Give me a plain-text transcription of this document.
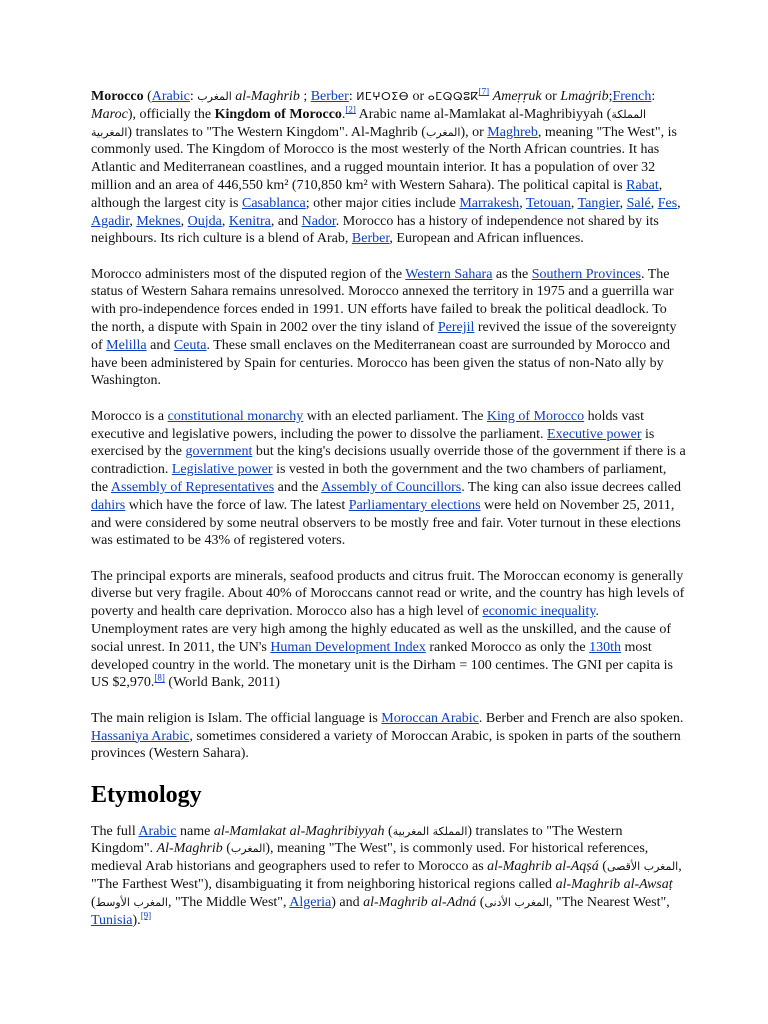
Morocco (Arabic: المغرب al-Maghrib ; Berber: ⵍⵎⵖⵔⵉⴱ or ⴰⵎⵕⵕⵓⴽ[7] Ameṛṛuk or Lmaġrib;French: Maroc), officially the Kingdom of Morocco.[2] Arabic name al-Mamlakat al-Maghribiyyah (المملكة المغربية) translates to "The Western Kingdom". Al-Maghrib (المغرب), or Maghreb, meaning "The West", is commonly used. The Kingdom of Morocco is the most westerly of the North African countries. It has Atlantic and Mediterranean coastlines, and a rugged mountain interior. It has a population of over 32 million and an area of 446,550 km² (710,850 km² with Western Sahara). The political capital is Rabat, although the largest city is Casablanca; other major cities include Marrakesh, Tetouan, Tangier, Salé, Fes, Agadir, Meknes, Oujda, Kenitra, and Nador. Morocco has a history of independence not shared by its neighbours. Its rich culture is a blend of Arab, Berber, European and African influences.

Morocco administers most of the disputed region of the Western Sahara as the Southern Provinces. The status of Western Sahara remains unresolved. Morocco annexed the territory in 1975 and a guerrilla war with pro-independence forces ended in 1991. UN efforts have failed to break the political deadlock. To the north, a dispute with Spain in 2002 over the tiny island of Perejil revived the issue of the sovereignty of Melilla and Ceuta. These small enclaves on the Mediterranean coast are surrounded by Morocco and have been administered by Spain for centuries. Morocco has been given the status of non-Nato ally by Washington.

Morocco is a constitutional monarchy with an elected parliament. The King of Morocco holds vast executive and legislative powers, including the power to dissolve the parliament. Executive power is exercised by the government but the king's decisions usually override those of the government if there is a contradiction. Legislative power is vested in both the government and the two chambers of parliament, the Assembly of Representatives and the Assembly of Councillors. The king can also issue decrees called dahirs which have the force of law. The latest Parliamentary elections were held on November 25, 2011, and were considered by some neutral observers to be mostly free and fair. Voter turnout in these elections was estimated to be 43% of registered voters.

The principal exports are minerals, seafood products and citrus fruit. The Moroccan economy is generally diverse but very fragile. About 40% of Moroccans cannot read or write, and the country has high levels of poverty and health care deprivation. Morocco also has a high level of economic inequality. Unemployment rates are very high among the highly educated as well as the unskilled, and the cause of social unrest. In 2011, the UN's Human Development Index ranked Morocco as only the 130th most developed country in the world. The monetary unit is the Dirham = 100 centimes. The GNI per capita is US $2,970.[8] (World Bank, 2011)

The main religion is Islam. The official language is Moroccan Arabic. Berber and French are also spoken. Hassaniya Arabic, sometimes considered a variety of Moroccan Arabic, is spoken in parts of the southern provinces (Western Sahara).

Etymology

The full Arabic name al-Mamlakat al-Maghribiyyah (المملكة المغربية) translates to "The Western Kingdom". Al-Maghrib (المغرب), meaning "The West", is commonly used. For historical references, medieval Arab historians and geographers used to refer to Morocco as al-Maghrib al-Aqṣá (المغرب الأقصى, "The Farthest West"), disambiguating it from neighboring historical regions called al-Maghrib al-Awsaṭ (المغرب الأوسط, "The Middle West", Algeria) and al-Maghrib al-Adná (المغرب الأدنى, "The Nearest West", Tunisia).[9]
